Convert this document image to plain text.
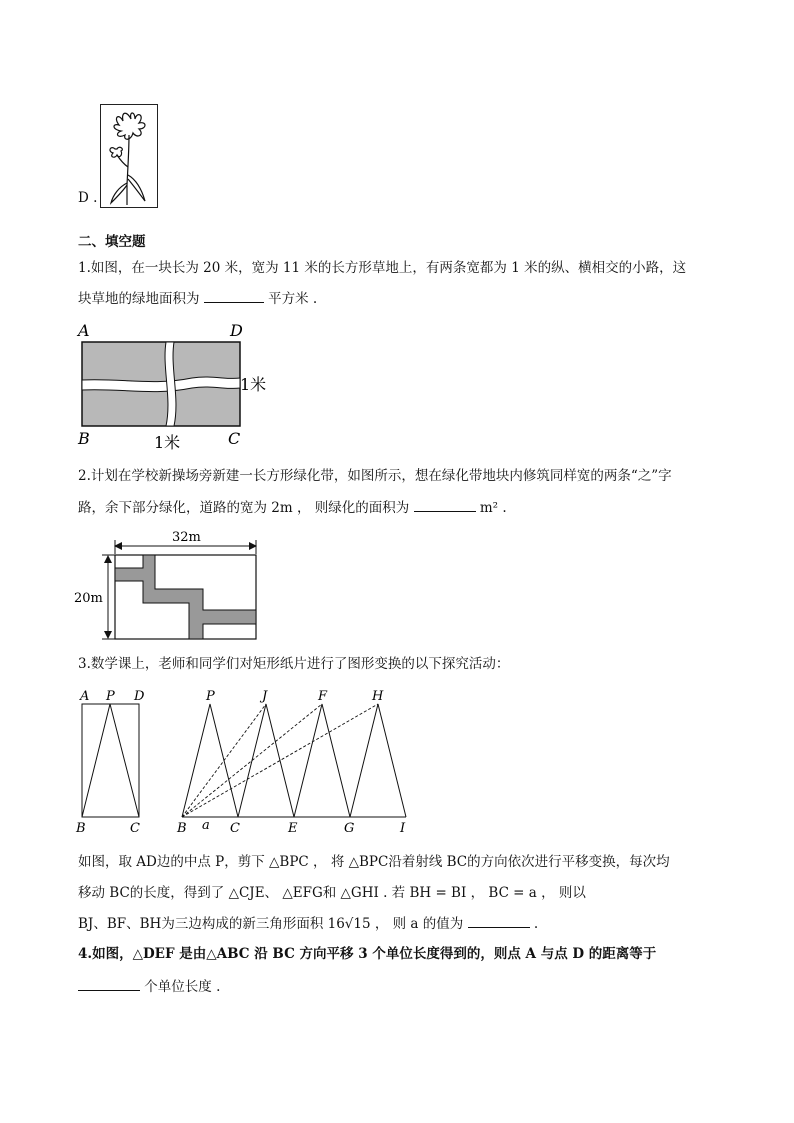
D .
二、填空题
1.如图，在一块长为 20 米，宽为 11 米的长方形草地上，有两条宽都为 1 米的纵、横相交的小路，这
块草地的绿地面积为	平方米 .
A	D
B	C
1米
1米
2.计划在学校新操场旁新建一长方形绿化带，如图所示，想在绿化带地块内修筑同样宽的两条“之”字
路，余下部分绿化，道路的宽为 2m ， 则绿化的面积为	m² .
32m
20m
3.数学课上，老师和同学们对矩形纸片进行了图形变换的以下探究活动：
A P D
B	C
P	J	F	H
B a C	E	G	I
如图，取 AD边的中点 P，剪下 △BPC ， 将 △BPC沿着射线 BC的方向依次进行平移变换，每次均
移动 BC的长度，得到了 △CJE、 △EFG和 △GHI . 若 BH = BI ， BC = a ， 则以
BJ、BF、BH为三边构成的新三角形面积 16√15 ， 则 a 的值为	.
4.如图，△DEF 是由△ABC 沿 BC 方向平移 3 个单位长度得到的，则点 A 与点 D 的距离等于
个单位长度 .
